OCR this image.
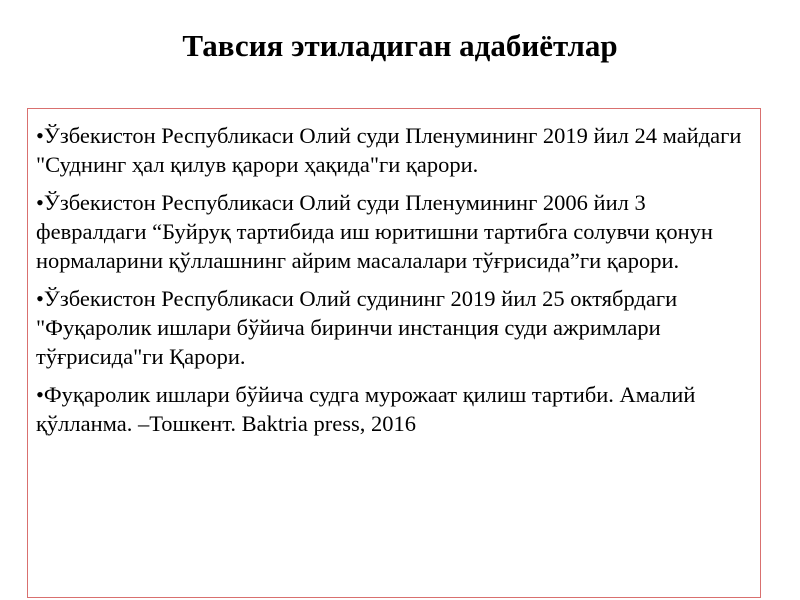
Тавсия этиладиган адабиётлар
•Ўзбекистон Республикаси Олий суди Пленумининг 2019 йил 24 майдаги "Суднинг ҳал қилув қарори ҳақида"ги қарори.
•Ўзбекистон Республикаси Олий суди Пленумининг 2006 йил 3 февралдаги “Буйруқ тартибида иш юритишни тартибга солувчи қонун нормаларини қўллашнинг айрим масалалари тўғрисида”ги қарори.
•Ўзбекистон Республикаси Олий судининг 2019 йил 25 октябрдаги "Фуқаролик ишлари бўйича биринчи инстанция суди ажримлари тўғрисида"ги Қарори.
•Фуқаролик ишлари бўйича судга мурожаат қилиш тартиби. Амалий қўлланма. –Тошкент. Baktria press, 2016
